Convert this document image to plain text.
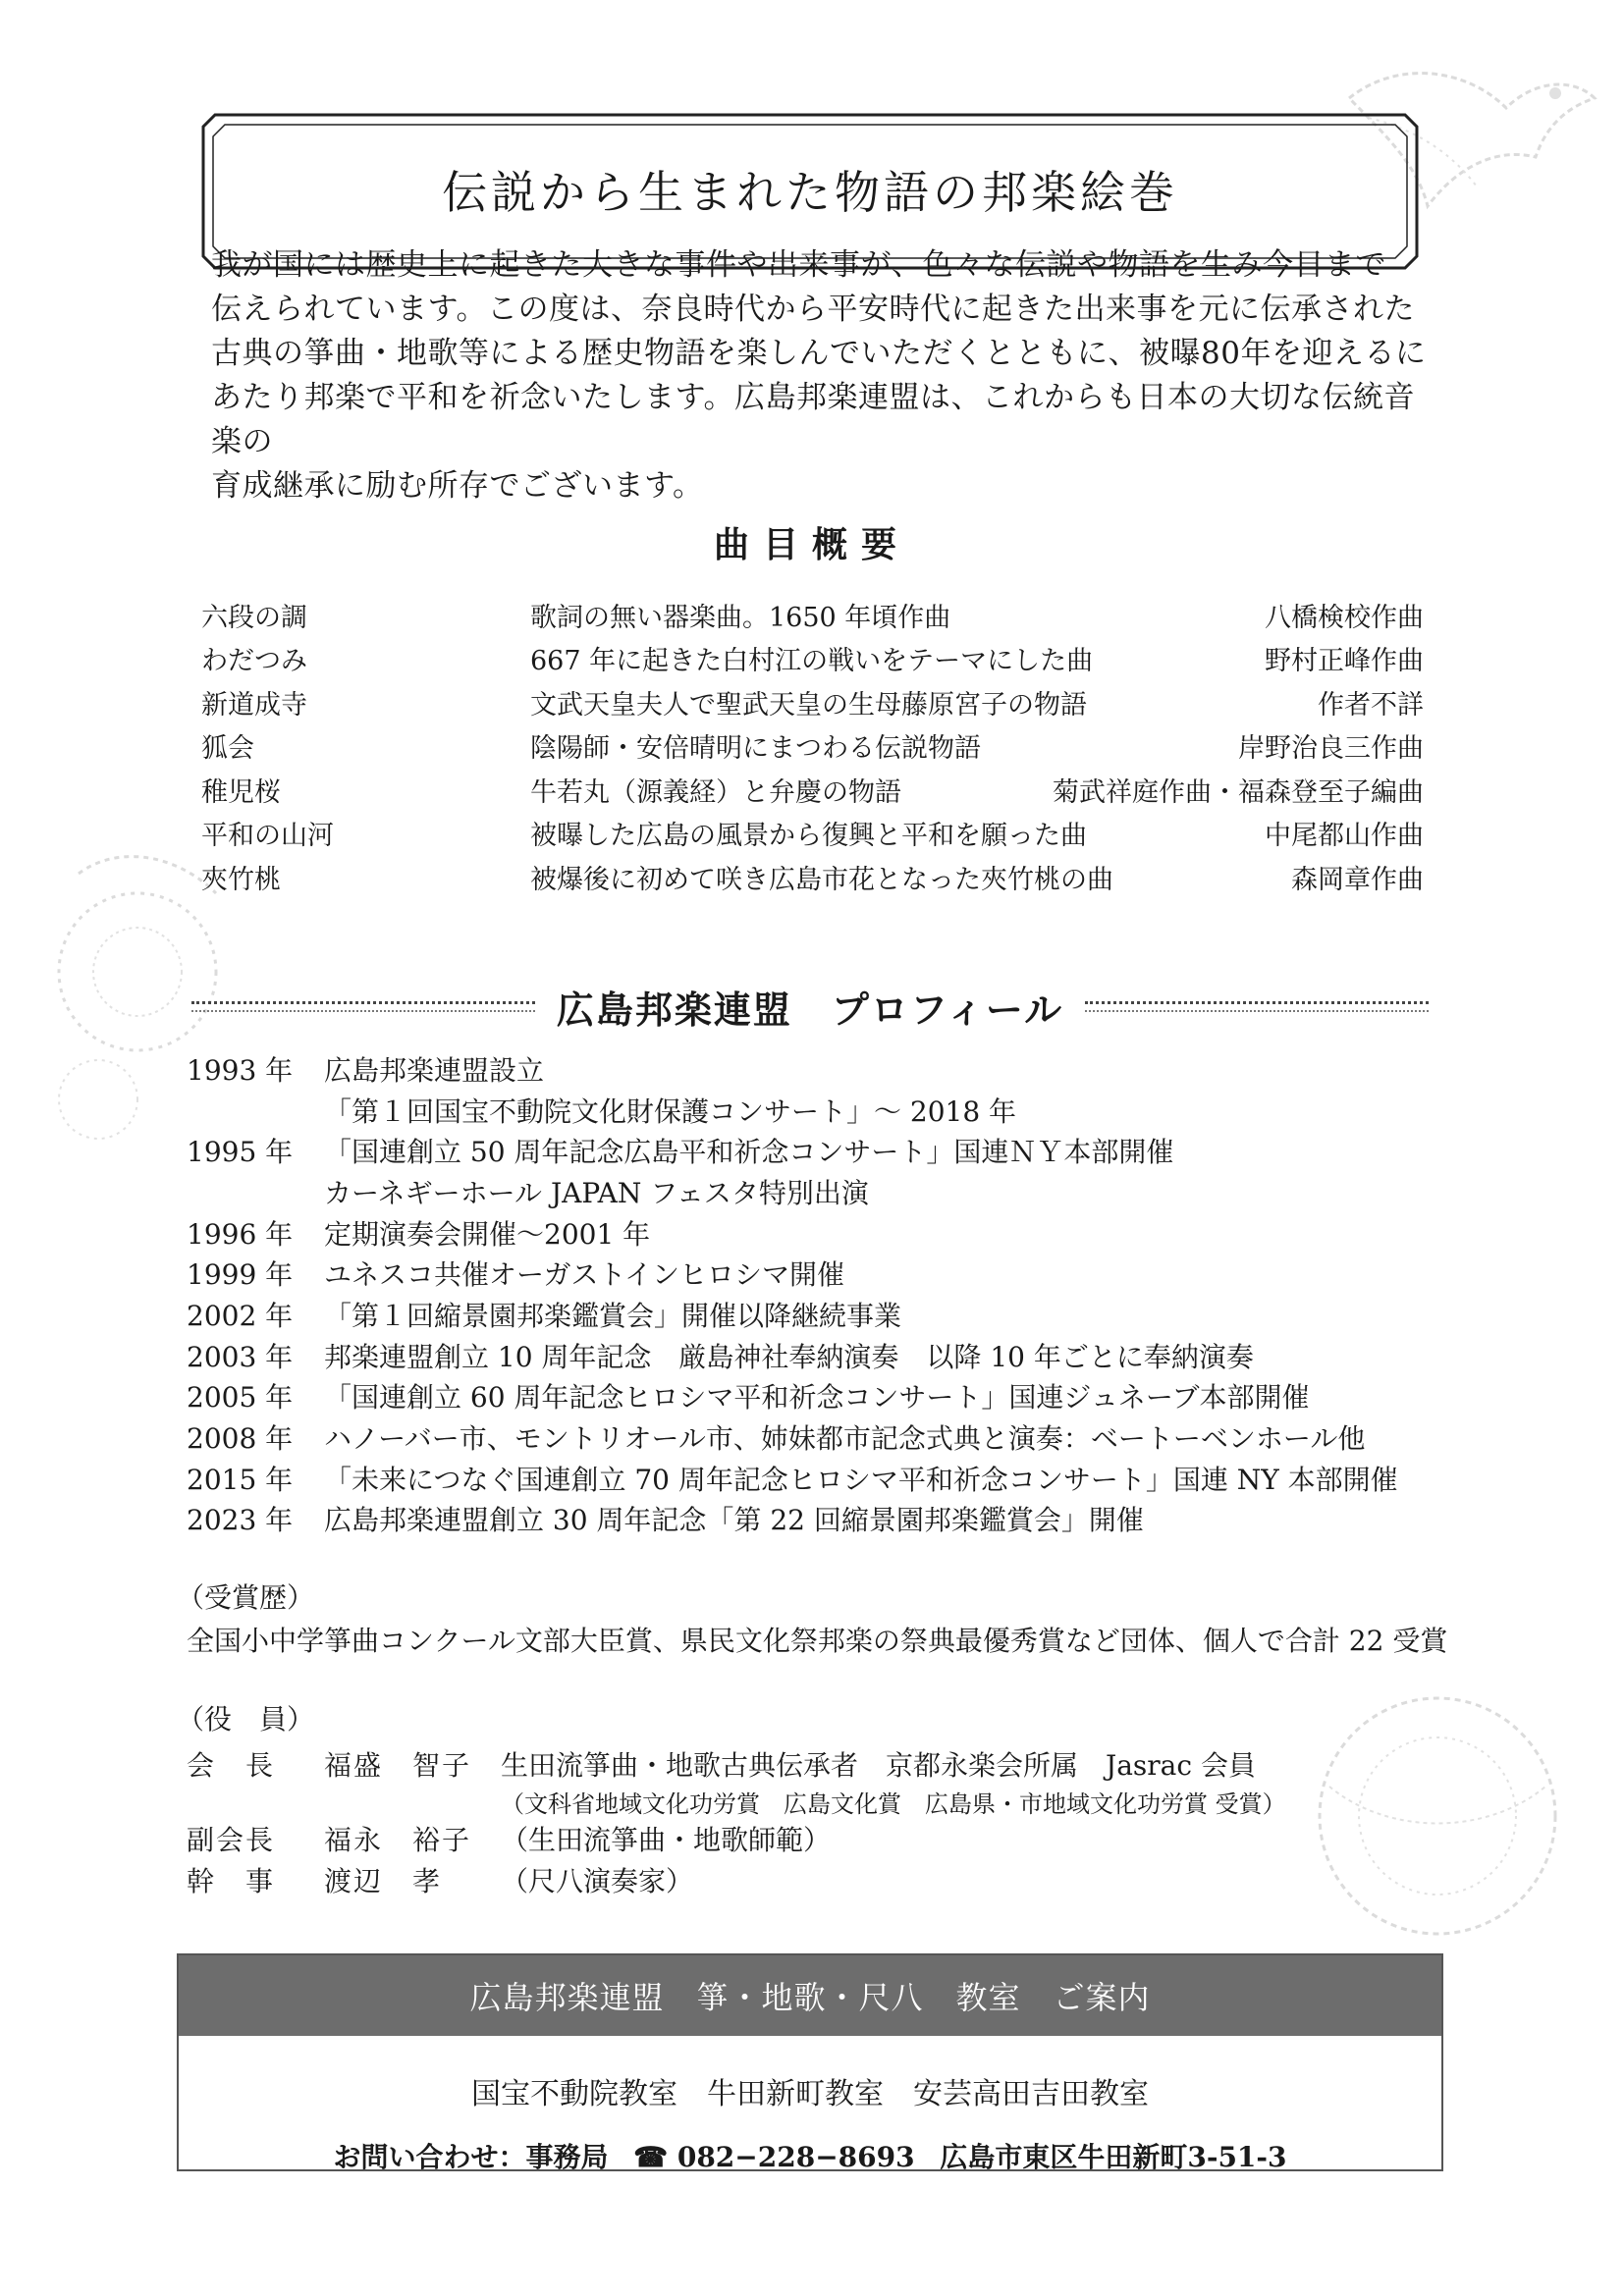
伝説から生まれた物語の邦楽絵巻
我が国には歴史上に起きた大きな事件や出来事が、色々な伝説や物語を生み今日まで
伝えられています。この度は、奈良時代から平安時代に起きた出来事を元に伝承された
古典の箏曲・地歌等による歴史物語を楽しんでいただくとともに、被曝80年を迎えるに
あたり邦楽で平和を祈念いたします。広島邦楽連盟は、これからも日本の大切な伝統音楽の
育成継承に励む所存でございます。
曲目概要
六段の調	歌詞の無い器楽曲。1650 年頃作曲	八橋検校作曲
わだつみ	667 年に起きた白村江の戦いをテーマにした曲	野村正峰作曲
新道成寺	文武天皇夫人で聖武天皇の生母藤原宮子の物語	作者不詳
狐会	陰陽師・安倍晴明にまつわる伝説物語	岸野治良三作曲
稚児桜	牛若丸（源義経）と弁慶の物語	菊武祥庭作曲・福森登至子編曲
平和の山河	被曝した広島の風景から復興と平和を願った曲	中尾都山作曲
夾竹桃	被爆後に初めて咲き広島市花となった夾竹桃の曲	森岡章作曲
広島邦楽連盟　プロフィール
1993 年	広島邦楽連盟設立
「第１回国宝不動院文化財保護コンサート」～ 2018 年
1995 年	「国連創立 50 周年記念広島平和祈念コンサート」国連ＮＹ本部開催
カーネギーホール JAPAN フェスタ特別出演
1996 年	定期演奏会開催～2001 年
1999 年	ユネスコ共催オーガストインヒロシマ開催
2002 年	「第１回縮景園邦楽鑑賞会」開催以降継続事業
2003 年	邦楽連盟創立 10 周年記念　厳島神社奉納演奏　以降 10 年ごとに奉納演奏
2005 年	「国連創立 60 周年記念ヒロシマ平和祈念コンサート」国連ジュネーブ本部開催
2008 年	ハノーバー市、モントリオール市、姉妹都市記念式典と演奏：ベートーベンホール他
2015 年	「未来につなぐ国連創立 70 周年記念ヒロシマ平和祈念コンサート」国連 NY 本部開催
2023 年	広島邦楽連盟創立 30 周年記念「第 22 回縮景園邦楽鑑賞会」開催
（受賞歴）
全国小中学箏曲コンクール文部大臣賞、県民文化祭邦楽の祭典最優秀賞など団体、個人で合計 22 受賞
（役　員）
会　長	福盛　智子	生田流箏曲・地歌古典伝承者　京都永楽会所属　Jasrac 会員
（文科省地域文化功労賞　広島文化賞　広島県・市地域文化功労賞 受賞）
副会長	福永　裕子	（生田流箏曲・地歌師範）
幹　事	渡辺　孝	（尺八演奏家）
広島邦楽連盟　箏・地歌・尺八　教室　ご案内
国宝不動院教室　牛田新町教室　安芸高田吉田教室
お問い合わせ：事務局 ☎ 082−228−8693 広島市東区牛田新町3-51-3
